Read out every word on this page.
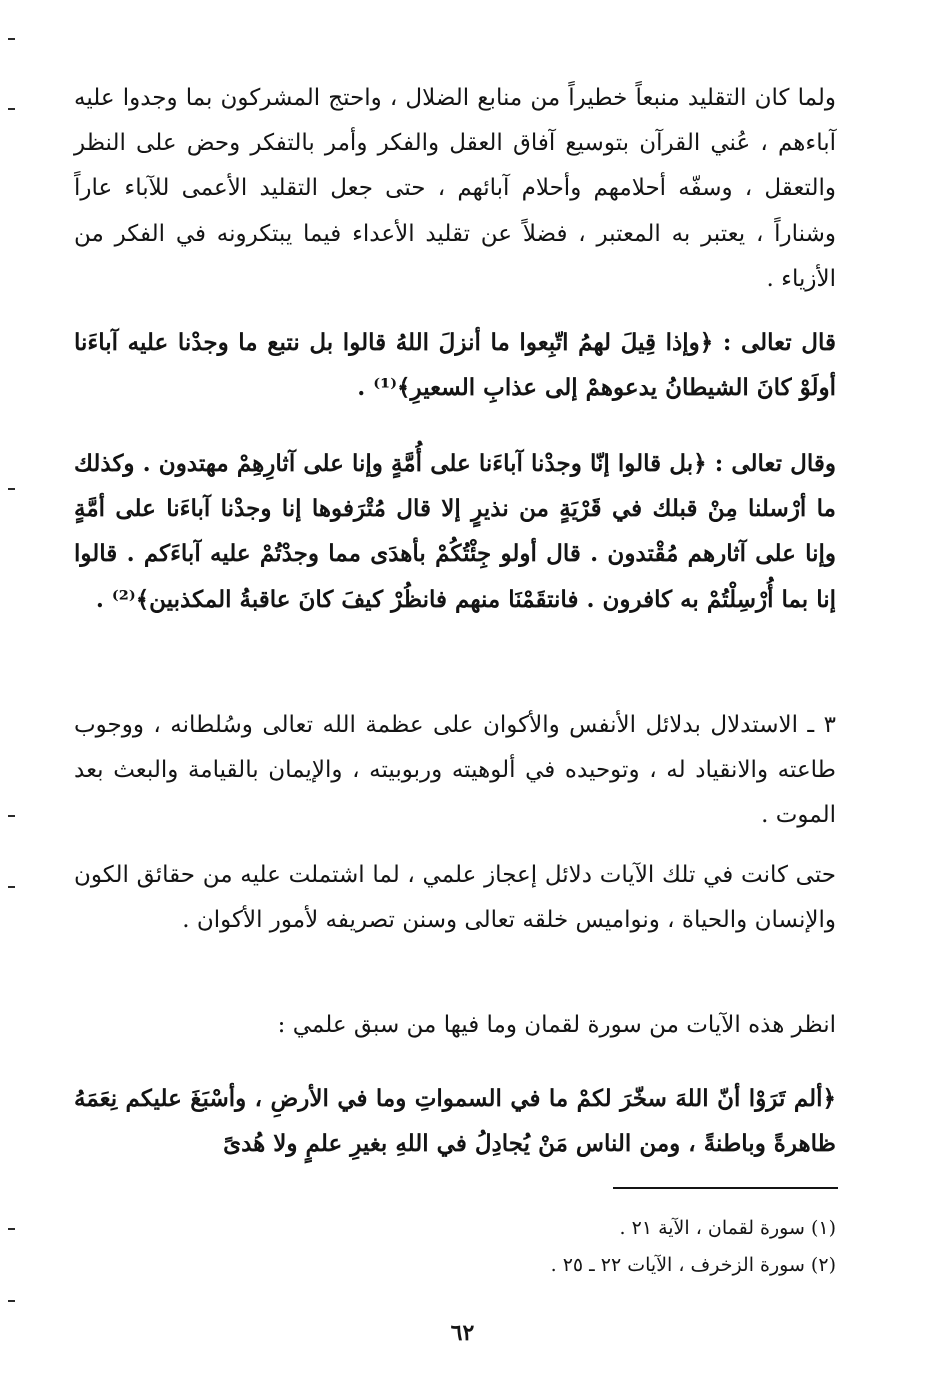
ولما كان التقليد منبعاً خطيراً من منابع الضلال ، واحتج المشركون بما وجدوا عليه آباءهم ، عُني القرآن بتوسيع آفاق العقل والفكر وأمر بالتفكر وحض على النظر والتعقل ، وسفّه أحلامهم وأحلام آبائهم ، حتى جعل التقليد الأعمى للآباء عاراً وشناراً ، يعتبر به المعتبر ، فضلاً عن تقليد الأعداء فيما يبتكرونه في الفكر من الأزياء .

قال تعالى : ﴿وإذا قِيلَ لهمُ اتّبِعوا ما أنزلَ اللهُ قالوا بل نتبع ما وجدْنا عليه آباءَنا أولَوْ كانَ الشيطانُ يدعوهمْ إلى عذابِ السعيرِ﴾⁽¹⁾ .

وقال تعالى : ﴿بل قالوا إنّا وجدْنا آباءَنا على أُمَّةٍ وإنا على آثارِهِمْ مهتدون . وكذلك ما أرْسلنا مِنْ قبلك في قَرْيَةٍ من نذيرٍ إلا قال مُتْرَفوها إنا وجدْنا آباءَنا على أمَّةٍ وإنا على آثارهم مُقْتدون . قال أولو جِئْتُكُمْ بأهدَى مما وجدْتُمْ عليه آباءَكم . قالوا إنا بما أُرْسِلْتُمْ به كافرون . فانتقَمْنَا منهم فانظُرْ كيفَ كانَ عاقبةُ المكذبين﴾⁽²⁾ .

٣ ـ الاستدلال بدلائل الأنفس والأكوان على عظمة الله تعالى وسُلطانه ، ووجوب طاعته والانقياد له ، وتوحيده في ألوهيته وربوبيته ، والإيمان بالقيامة والبعث بعد الموت .

حتى كانت في تلك الآيات دلائل إعجاز علمي ، لما اشتملت عليه من حقائق الكون والإنسان والحياة ، ونواميس خلقه تعالى وسنن تصريفه لأمور الأكوان .

انظر هذه الآيات من سورة لقمان وما فيها من سبق علمي :

﴿ألم تَرَوْا أنّ اللهَ سخّرَ لكمْ ما في السمواتِ وما في الأرضِ ، وأسْبَغَ عليكم نِعَمَهُ ظاهرةً وباطنةً ، ومن الناس مَنْ يُجادِلُ في اللهِ بغيرِ علمٍ ولا هُدىً

(١) سورة لقمان ، الآية ٢١ .

(٢) سورة الزخرف ، الآيات ٢٢ ـ ٢٥ .

٦٢
